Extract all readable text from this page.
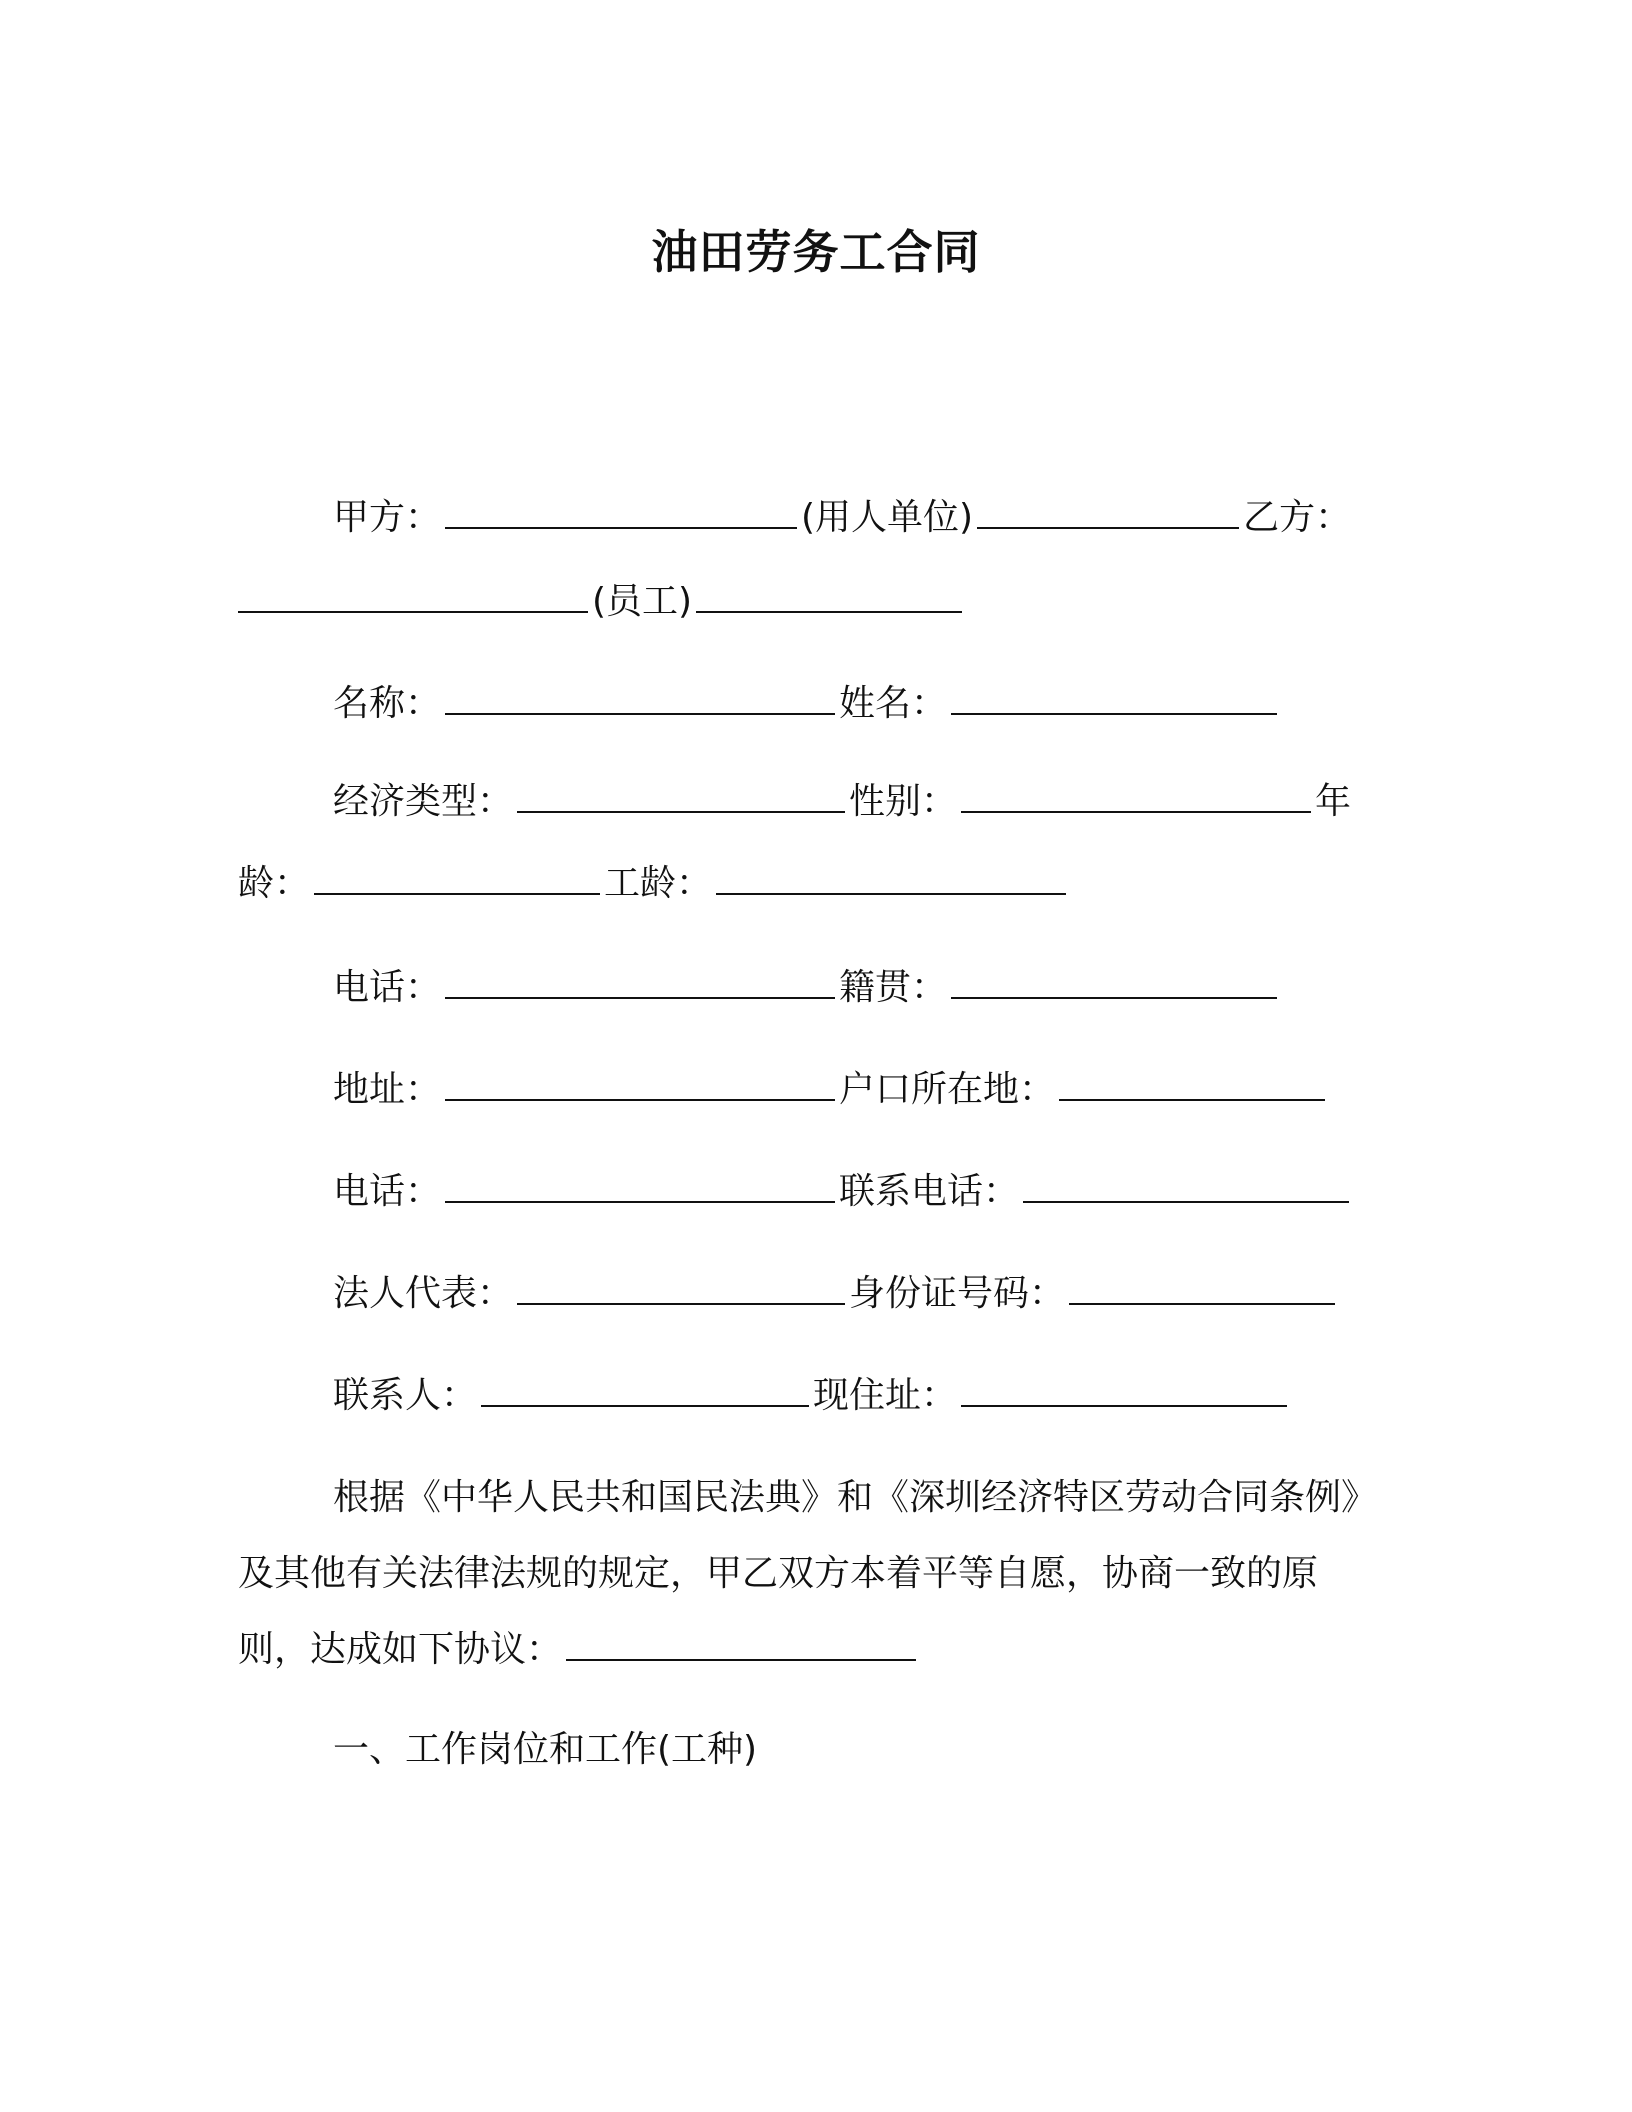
油田劳务工合同
甲方：	(用人单位)	乙方：
(员工)
名称：	姓名：
经济类型：	性别：	年
龄：	工龄：
电话：	籍贯：
地址：	户口所在地：
电话：	联系电话：
法人代表：	身份证号码：
联系人：	现住址：
根据《中华人民共和国民法典》和《深圳经济特区劳动合同条例》
及其他有关法律法规的规定，甲乙双方本着平等自愿，协商一致的原
则，达成如下协议：
一、工作岗位和工作(工种)
